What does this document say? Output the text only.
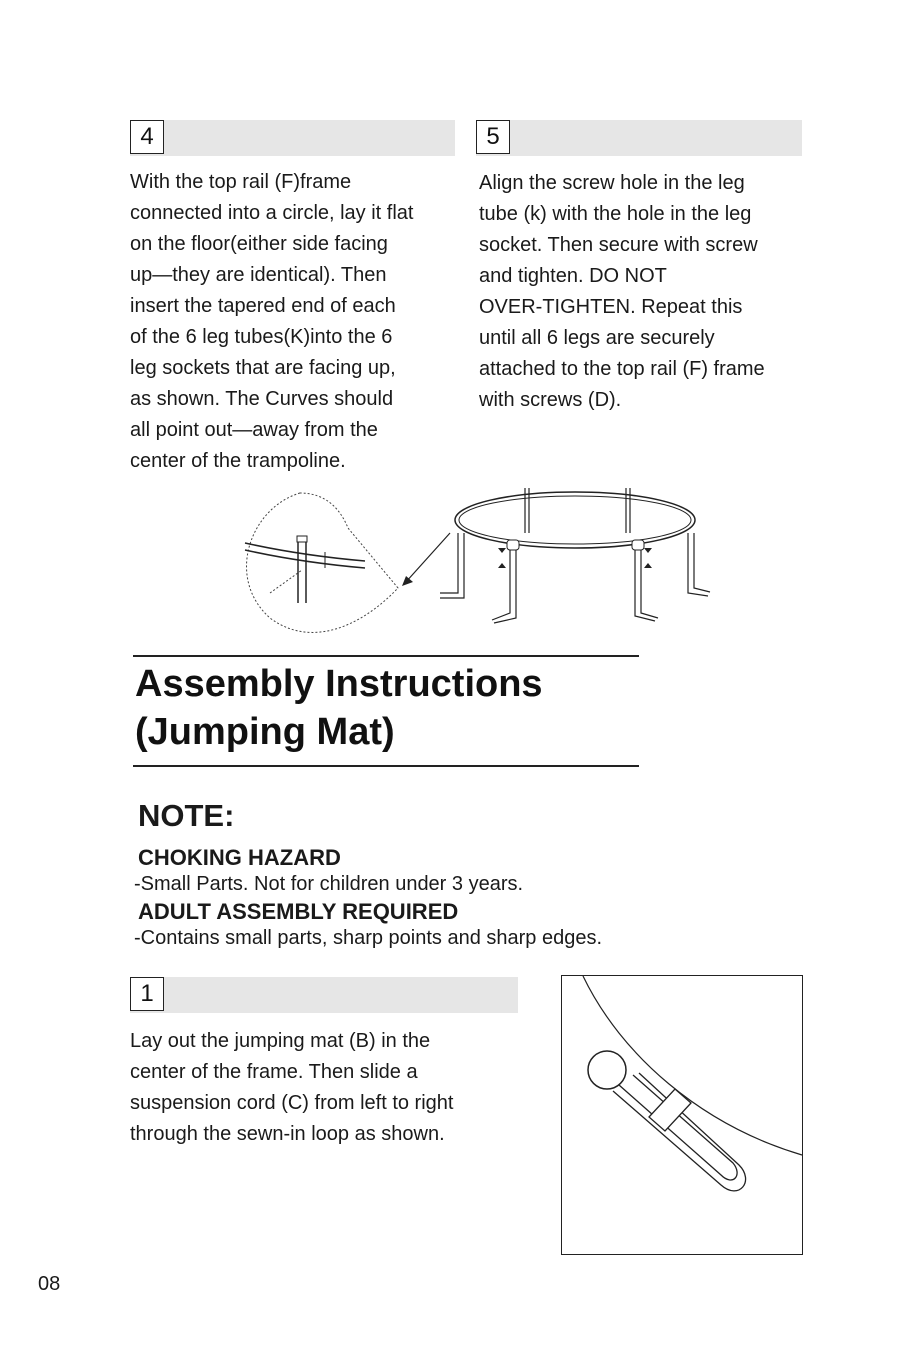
4

With the top rail (F)frame
connected into a circle, lay it flat
on the floor(either side facing
up—they are identical). Then
insert the tapered end of each
of the 6 leg tubes(K)into the 6
leg sockets that are facing up,
as shown. The Curves should
all point out—away from the
center of the trampoline.

5

Align the screw hole in the leg
tube (k) with the hole in the leg
socket. Then secure with screw
and tighten. DO NOT
OVER-TIGHTEN. Repeat this
until all 6 legs are securely
attached to the top rail (F) frame
with screws (D).

Assembly Instructions
(Jumping Mat)
NOTE:

CHOKING HAZARD

-Small Parts. Not for children under 3 years.

ADULT ASSEMBLY REQUIRED

-Contains small parts, sharp points and sharp edges.

1

Lay out the jumping mat (B) in the
center of the frame. Then slide a
suspension cord (C) from left to right
through the sewn-in loop as shown.

08
